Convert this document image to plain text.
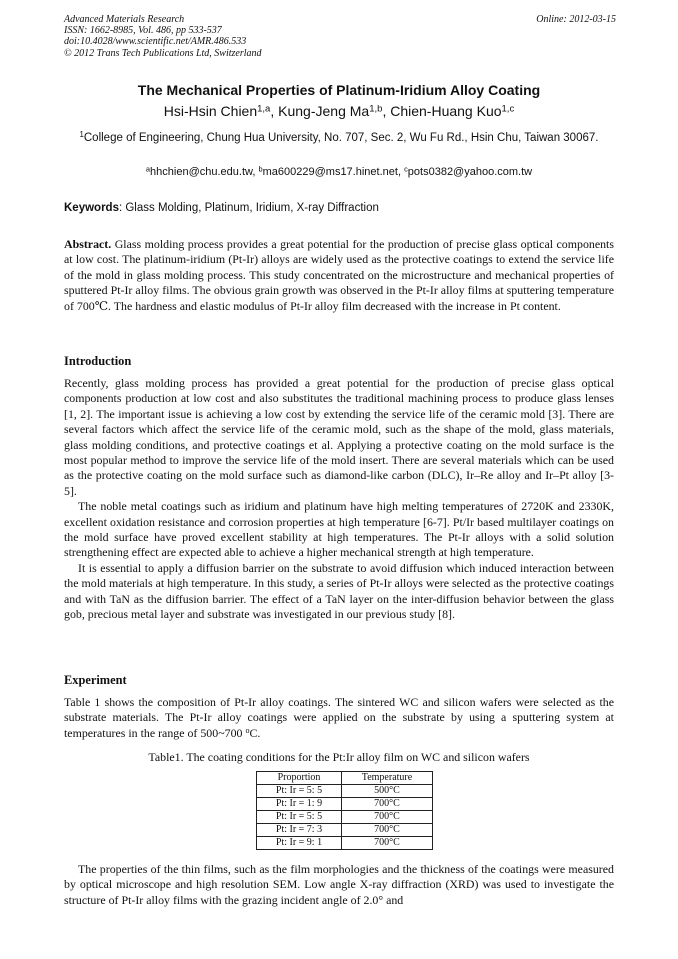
Advanced Materials Research
ISSN: 1662-8985, Vol. 486, pp 533-537
doi:10.4028/www.scientific.net/AMR.486.533
© 2012 Trans Tech Publications Ltd, Switzerland
Online: 2012-03-15
The Mechanical Properties of Platinum-Iridium Alloy Coating
Hsi-Hsin Chien$^{1,a}$, Kung-Jeng Ma$^{1,b}$, Chien-Huang Kuo$^{1,c}$
$^1$College of Engineering, Chung Hua University, No. 707, Sec. 2, Wu Fu Rd., Hsin Chu, Taiwan 30067.
$^a$hhchien@chu.edu.tw, $^b$ma600229@ms17.hinet.net, $^c$pots0382@yahoo.com.tw
Keywords: Glass Molding, Platinum, Iridium, X-ray Diffraction

Abstract. Glass molding process provides a great potential for the production of precise glass optical components at low cost. The platinum-iridium (Pt-Ir) alloys are widely used as the protective coatings to extend the service life of the mold in glass molding process. This study concentrated on the microstructure and mechanical properties of sputtered Pt-Ir alloy films. The obvious grain growth was observed in the Pt-Ir alloy films at sputtering temperature of 700℃. The hardness and elastic modulus of Pt-Ir alloy film decreased with the increase in Pt content.

Introduction

Recently, glass molding process has provided a great potential for the production of precise glass optical components production at low cost and also substitutes the traditional machining process to produce glass lenses [1, 2]. The important issue is achieving a low cost by extending the service life of the ceramic mold [3]. There are several factors which affect the service life of the ceramic mold, such as the shape of the mold, glass materials, glass molding conditions, and protective coatings et al. Applying a protective coating on the mold surface is the most popular method to improve the service life of the mold insert. There are several materials which can be used as the protective coating on the mold surface such as diamond-like carbon (DLC), Ir–Re alloy and Ir–Pt alloy [3-5].

The noble metal coatings such as iridium and platinum have high melting temperatures of 2720K and 2330K, excellent oxidation resistance and corrosion properties at high temperature [6-7]. Pt/Ir based multilayer coatings on the mold surface have proved excellent stability at high temperatures. The Pt-Ir alloys with a solid solution strengthening effect are expected able to achieve a higher mechanical strength at high temperature.

It is essential to apply a diffusion barrier on the substrate to avoid diffusion which induced interaction between the mold materials at high temperature. In this study, a series of Pt-Ir alloys were selected as the protective coatings and with TaN as the diffusion barrier. The effect of a TaN layer on the inter-diffusion behavior between the glass gob, precious metal layer and substrate was investigated in our previous study [8].

Experiment

Table 1 shows the composition of Pt-Ir alloy coatings. The sintered WC and silicon wafers were selected as the substrate materials. The Pt-Ir alloy coatings were applied on the substrate by using a sputtering system at temperatures in the range of 500~700 $^o$C.

Table1. The coating conditions for the Pt:Ir alloy film on WC and silicon wafers
Proportion	Temperature
Pt: Ir = 5: 5	500°C
Pt: Ir = 1: 9	700°C
Pt: Ir = 5: 5	700°C
Pt: Ir = 7: 3	700°C
Pt: Ir = 9: 1	700°C
The properties of the thin films, such as the film morphologies and the thickness of the coatings were measured by optical microscope and high resolution SEM. Low angle X-ray diffraction (XRD) was used to investigate the structure of Pt-Ir alloy films with the grazing incident angle of 2.0° and
